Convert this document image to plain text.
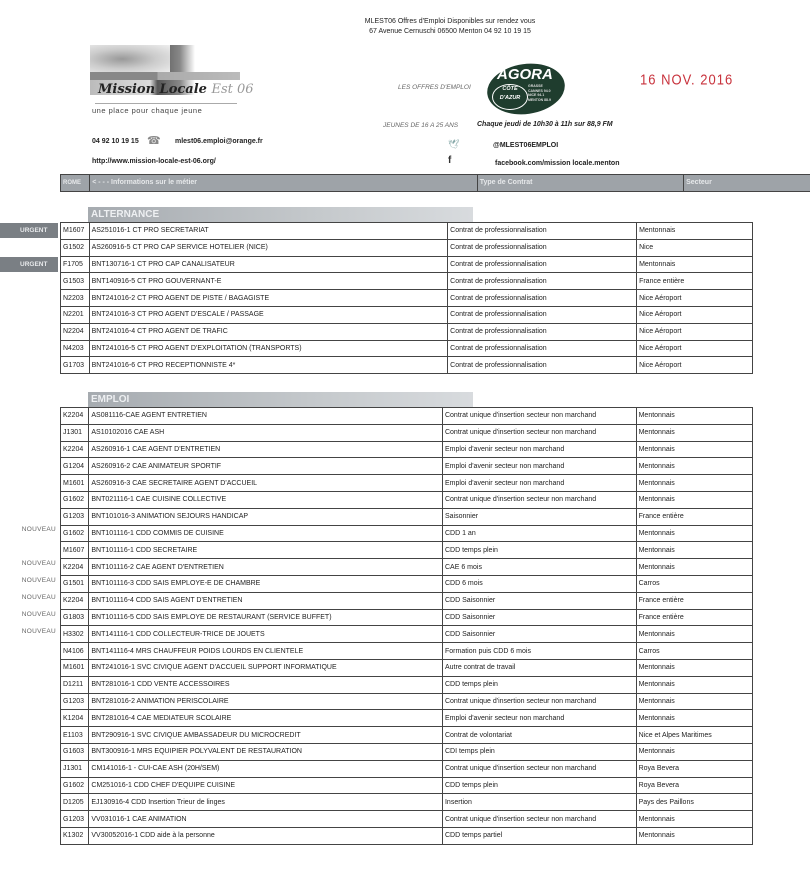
MLEST06 Offres d'Emploi Disponibles sur rendez vous
67 Avenue Cernuschi 06500 Menton 04 92 10 19 15
Mission Locale Est 06
une place pour chaque jeune
04 92 10 19 15 ☎ mlest06.emploi@orange.fr
http://www.mission-locale-est-06.org/
LES OFFRES D'EMPLOI
AGORA
CÔTE
D'AZUR
GRASSE
CANNES 94.0
NICE 94.1
MENTON 88.9
JEUNES DE 16 A 25 ANS	Chaque jeudi de 10h30 à 11h sur 88,9 FM
16 NOV. 2016
🕊	@MLEST06EMPLOI
f	facebook.com/mission locale.menton
ROME	< - - - Informations sur le métier	Type de Contrat	Secteur
ALTERNANCE
URGENT
URGENT
M1607	AS251016-1 CT PRO SECRETARIAT	Contrat de professionnalisation	Mentonnais
G1502	AS260916-5 CT PRO CAP SERVICE HOTELIER (NICE)	Contrat de professionnalisation	Nice
F1705	BNT130716-1 CT PRO CAP CANALISATEUR	Contrat de professionnalisation	Mentonnais
G1503	BNT140916-5 CT PRO GOUVERNANT-E	Contrat de professionnalisation	France entière
N2203	BNT241016-2 CT PRO AGENT DE PISTE / BAGAGISTE	Contrat de professionnalisation	Nice Aéroport
N2201	BNT241016-3 CT PRO AGENT D'ESCALE / PASSAGE	Contrat de professionnalisation	Nice Aéroport
N2204	BNT241016-4 CT PRO AGENT DE TRAFIC	Contrat de professionnalisation	Nice Aéroport
N4203	BNT241016-5 CT PRO AGENT D'EXPLOITATION (TRANSPORTS)	Contrat de professionnalisation	Nice Aéroport
G1703	BNT241016-6 CT PRO RECEPTIONNISTE 4*	Contrat de professionnalisation	Nice Aéroport
EMPLOI
NOUVEAU
NOUVEAU
NOUVEAU
NOUVEAU
NOUVEAU
NOUVEAU
K2204	AS081116-CAE AGENT ENTRETIEN	Contrat unique d'insertion secteur non marchand	Mentonnais
J1301	AS10102016 CAE ASH	Contrat unique d'insertion secteur non marchand	Mentonnais
K2204	AS260916-1 CAE AGENT D'ENTRETIEN	Emploi d'avenir secteur non marchand	Mentonnais
G1204	AS260916-2 CAE ANIMATEUR SPORTIF	Emploi d'avenir secteur non marchand	Mentonnais
M1601	AS260916-3 CAE SECRETAIRE AGENT D'ACCUEIL	Emploi d'avenir secteur non marchand	Mentonnais
G1602	BNT021116-1 CAE CUISINE COLLECTIVE	Contrat unique d'insertion secteur non marchand	Mentonnais
G1203	BNT101016-3 ANIMATION SEJOURS HANDICAP	Saisonnier	France entière
G1602	BNT101116-1 CDD COMMIS DE CUISINE	CDD 1 an	Mentonnais
M1607	BNT101116-1 CDD SECRETAIRE	CDD temps plein	Mentonnais
K2204	BNT101116-2 CAE AGENT D'ENTRETIEN	CAE 6 mois	Mentonnais
G1501	BNT101116-3 CDD SAIS EMPLOYE-E DE CHAMBRE	CDD 6 mois	Carros
K2204	BNT101116-4 CDD SAIS AGENT D'ENTRETIEN	CDD Saisonnier	France entière
G1803	BNT101116-5 CDD SAIS EMPLOYE DE RESTAURANT (SERVICE BUFFET)	CDD Saisonnier	France entière
H3302	BNT141116-1 CDD COLLECTEUR-TRICE DE JOUETS	CDD Saisonnier	Mentonnais
N4106	BNT141116-4 MRS CHAUFFEUR POIDS LOURDS EN CLIENTELE	Formation puis CDD 6 mois	Carros
M1601	BNT241016-1 SVC CIVIQUE AGENT D'ACCUEIL SUPPORT INFORMATIQUE	Autre contrat de travail	Mentonnais
D1211	BNT281016-1 CDD VENTE ACCESSOIRES	CDD temps plein	Mentonnais
G1203	BNT281016-2 ANIMATION PERISCOLAIRE	Contrat unique d'insertion secteur non marchand	Mentonnais
K1204	BNT281016-4 CAE MEDIATEUR SCOLAIRE	Emploi d'avenir secteur non marchand	Mentonnais
E1103	BNT290916-1 SVC CIVIQUE AMBASSADEUR DU MICROCREDIT	Contrat de volontariat	Nice et Alpes Maritimes
G1603	BNT300916-1 MRS EQUIPIER POLYVALENT DE RESTAURATION	CDI temps plein	Mentonnais
J1301	CM141016-1 - CUI-CAE ASH (20H/SEM)	Contrat unique d'insertion secteur non marchand	Roya Bevera
G1602	CM251016-1 CDD CHEF D'EQUIPE CUISINE	CDD temps plein	Roya Bevera
D1205	EJ130916-4 CDD Insertion Trieur de linges	Insertion	Pays des Paillons
G1203	VV031016-1 CAE ANIMATION	Contrat unique d'insertion secteur non marchand	Mentonnais
K1302	VV30052016-1 CDD aide à la personne	CDD temps partiel	Mentonnais
